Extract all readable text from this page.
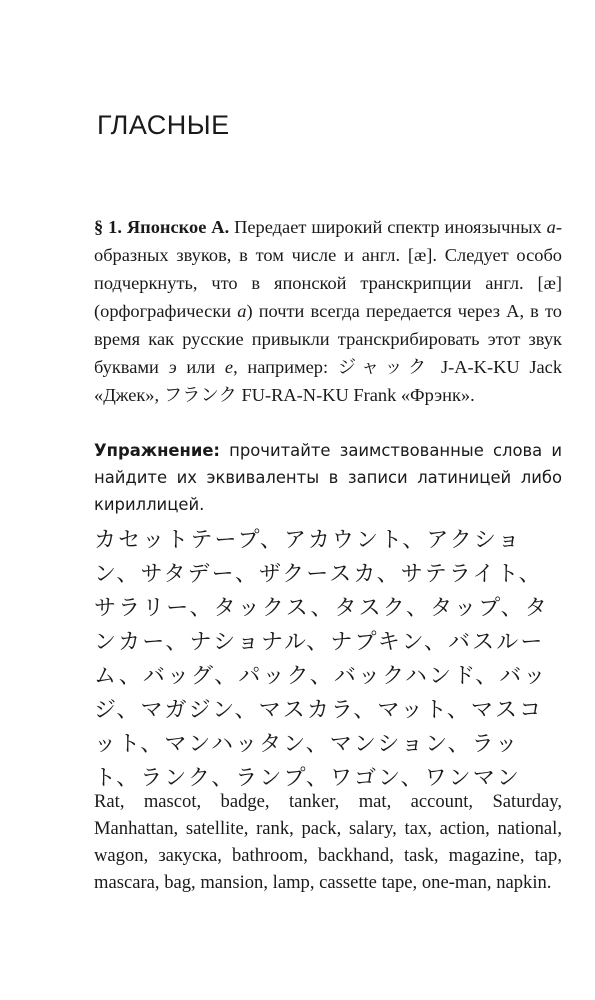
ГЛАСНЫЕ

§ 1. Японское А. Передает широкий спектр иноязычных а-образных звуков, в том числе и англ. [æ]. Следует особо подчеркнуть, что в японской транскрипции англ. [æ] (орфографически a) почти всегда передается через А, в то время как русские привыкли транскрибировать этот звук буквами э или е, например: ジャック J-A-K-KU Jack «Джек», フランク FU-RA-N-KU Frank «Фрэнк».

Упражнение: прочитайте заимствованные слова и найдите их эквиваленты в записи латиницей либо кириллицей.

カセットテープ、アカウント、アクション、サタデー、ザクースカ、サテライト、サラリー、タックス、タスク、タップ、タンカー、ナショナル、ナプキン、バスルーム、バッグ、パック、バックハンド、バッジ、マガジン、マスカラ、マット、マスコット、マンハッタン、マンション、ラット、ランク、ランプ、ワゴン、ワンマン

Rat, mascot, badge, tanker, mat, account, Saturday, Manhattan, satellite, rank, pack, salary, tax, action, national, wagon, закуска, bathroom, backhand, task, magazine, tap, mascara, bag, mansion, lamp, cassette tape, one-man, napkin.
